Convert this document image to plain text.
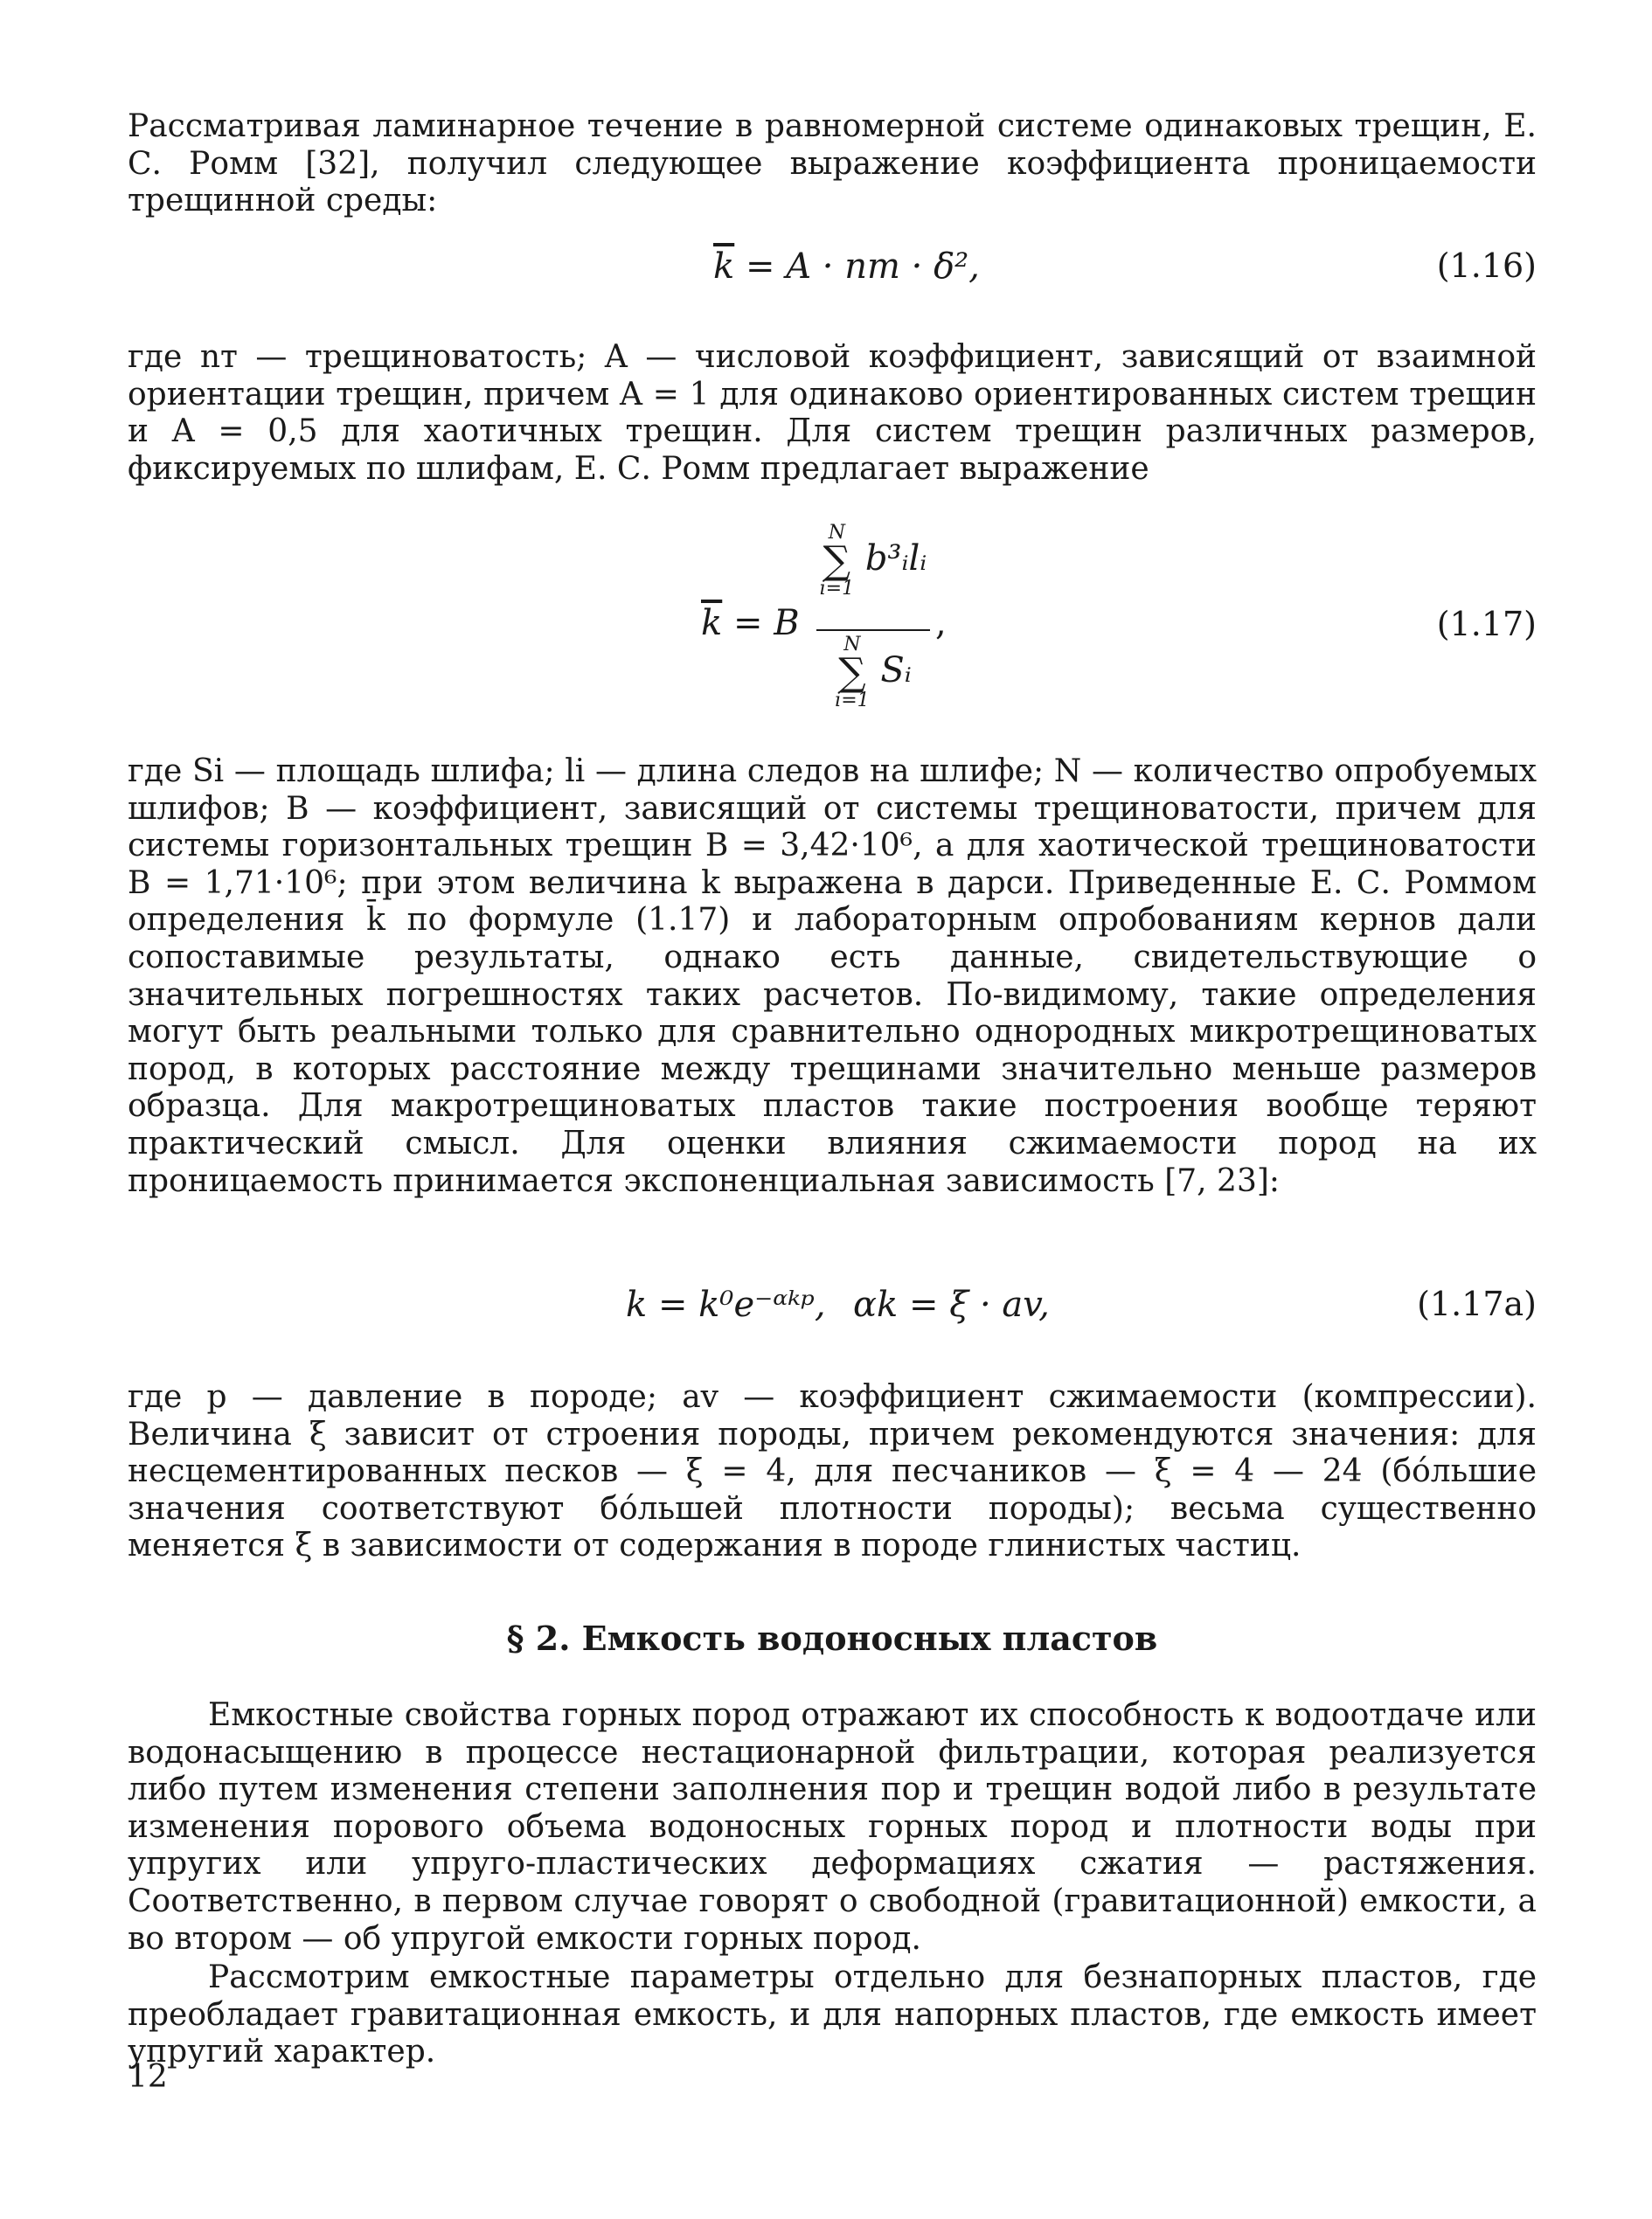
Рассматривая ламинарное течение в равномерной системе одинаковых трещин, Е. С. Ромм [32], получил следующее выражение коэффициента проницаемости трещинной среды:

$\overline{k} = A$ · nт · δ²,	(1.16)

где nт — трещиноватость; A — числовой коэффициент, зависящий от взаимной ориентации трещин, причем A = 1 для одинаково ориентированных систем трещин и A = 0,5 для хаотичных трещин. Для систем трещин различных размеров, фиксируемых по шлифам, Е. С. Ромм предлагает выражение

$\overline{k} = B$
N
∑
i=1
b³ᵢlᵢ
N
∑
i=1
Sᵢ
,	(1.17)

где Si — площадь шлифа; li — длина следов на шлифе; N — количество опробуемых шлифов; B — коэффициент, зависящий от системы трещиноватости, причем для системы горизонтальных трещин B = 3,42·10⁶, а для хаотической трещиноватости B = 1,71·10⁶; при этом величина k выражена в дарси. Приведенные Е. С. Роммом определения k̄ по формуле (1.17) и лабораторным опробованиям кернов дали сопоставимые результаты, однако есть данные, свидетельствующие о значительных погрешностях таких расчетов. По-видимому, такие определения могут быть реальными только для сравнительно однородных микротрещиноватых пород, в которых расстояние между трещинами значительно меньше размеров образца. Для макротрещиноватых пластов такие построения вообще теряют практический смысл. Для оценки влияния сжимаемости пород на их проницаемость принимается экспоненциальная зависимость [7, 23]:

k = k⁰e⁻ᵅᵏᵖ, αk = ξ · av,	(1.17a)

где p — давление в породе; av — коэффициент сжимаемости (компрессии). Величина ξ зависит от строения породы, причем рекомендуются значения: для несцементированных песков — ξ = 4, для песчаников — ξ = 4 — 24 (бóльшие значения соответствуют бóльшей плотности породы); весьма существенно меняется ξ в зависимости от содержания в породе глинистых частиц.

§ 2. Емкость водоносных пластов

Емкостные свойства горных пород отражают их способность к водоотдаче или водонасыщению в процессе нестационарной фильтрации, которая реализуется либо путем изменения степени заполнения пор и трещин водой либо в результате изменения порового объема водоносных горных пород и плотности воды при упругих или упруго-пластических деформациях сжатия — растяжения. Соответственно, в первом случае говорят о свободной (гравитационной) емкости, а во втором — об упругой емкости горных пород.

Рассмотрим емкостные параметры отдельно для безнапорных пластов, где преобладает гравитационная емкость, и для напорных пластов, где емкость имеет упругий характер.

12
